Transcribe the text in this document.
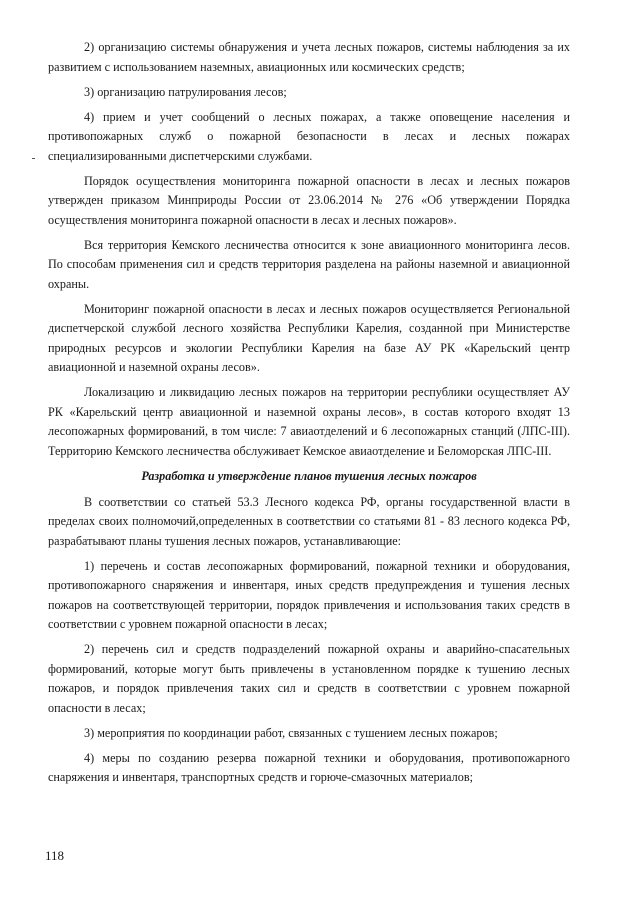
2) организацию системы обнаружения и учета лесных пожаров, системы наблюдения за их развитием с использованием наземных, авиационных или космических средств;

3) организацию патрулирования лесов;

4) прием и учет сообщений о лесных пожарах, а также оповещение населения и противопожарных служб о пожарной безопасности в лесах и лесных пожарах специализированными диспетчерскими службами.

Порядок осуществления мониторинга пожарной опасности в лесах и лесных пожаров утвержден приказом Минприроды России от 23.06.2014 № 276 «Об утверждении Порядка осуществления мониторинга пожарной опасности в лесах и лесных пожаров».

Вся территория Кемского лесничества относится к зоне авиационного мониторинга лесов. По способам применения сил и средств территория разделена на районы наземной и авиационной охраны.

Мониторинг пожарной опасности в лесах и лесных пожаров осуществляется Региональной диспетчерской службой лесного хозяйства Республики Карелия, созданной при Министерстве природных ресурсов и экологии Республики Карелия на базе АУ РК «Карельский центр авиационной и наземной охраны лесов».

Локализацию и ликвидацию лесных пожаров на территории республики осуществляет АУ РК «Карельский центр авиационной и наземной охраны лесов», в состав которого входят 13 лесопожарных формирований, в том числе: 7 авиаотделений и 6 лесопожарных станций (ЛПС-III). Территорию Кемского лесничества обслуживает Кемское авиаотделение и Беломорская ЛПС-III.

Разработка и утверждение планов тушения лесных пожаров

В соответствии со статьей 53.3 Лесного кодекса РФ, органы государственной власти в пределах своих полномочий,определенных в соответствии со статьями 81 - 83 лесного кодекса РФ, разрабатывают планы тушения лесных пожаров, устанавливающие:

1) перечень и состав лесопожарных формирований, пожарной техники и оборудования, противопожарного снаряжения и инвентаря, иных средств предупреждения и тушения лесных пожаров на соответствующей территории, порядок привлечения и использования таких средств в соответствии с уровнем пожарной опасности в лесах;

2) перечень сил и средств подразделений пожарной охраны и аварийно-спасательных формирований, которые могут быть привлечены в установленном порядке к тушению лесных пожаров, и порядок привлечения таких сил и средств в соответствии с уровнем пожарной опасности в лесах;

3) мероприятия по координации работ, связанных с тушением лесных пожаров;

4) меры по созданию резерва пожарной техники и оборудования, противопожарного снаряжения и инвентаря, транспортных средств и горюче-смазочных материалов;

118
